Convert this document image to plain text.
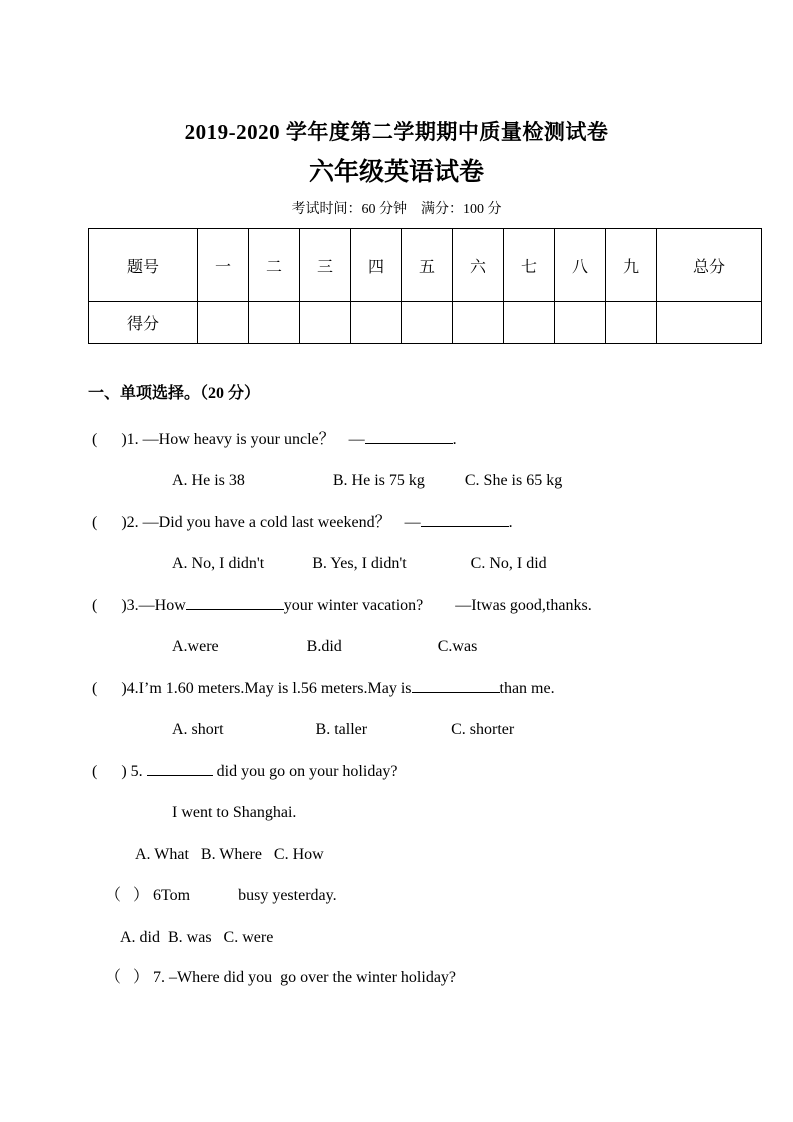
2019-2020 学年度第二学期期中质量检测试卷
六年级英语试卷
考试时间：60 分钟　满分：100 分
题号	一	二	三	四	五	六	七	八	九	总分
得分										
一、单项选择。（20 分）
(      )1. —How heavy is your uncle？ —	.
A. He is 38                      B. He is 75 kg          C. She is 65 kg
(      )2. —Did you have a cold last weekend？ —	.
A. No, I didn't            B. Yes, I didn't                C. No, I did
(      )3.—How	your winter vacation?　　—Itwas good,thanks.
A.were                      B.did                        C.was
(      )4.I’m 1.60 meters.May is l.56 meters.May is	than me.
A. short                       B. taller                     C. shorter
(      ) 5.	did you go on your holiday?
I went to Shanghai.
A. What   B. Where   C. How
（   ） 6Tom            busy yesterday.
A. did  B. was   C. were
（   ） 7. –Where did you  go over the winter holiday?
